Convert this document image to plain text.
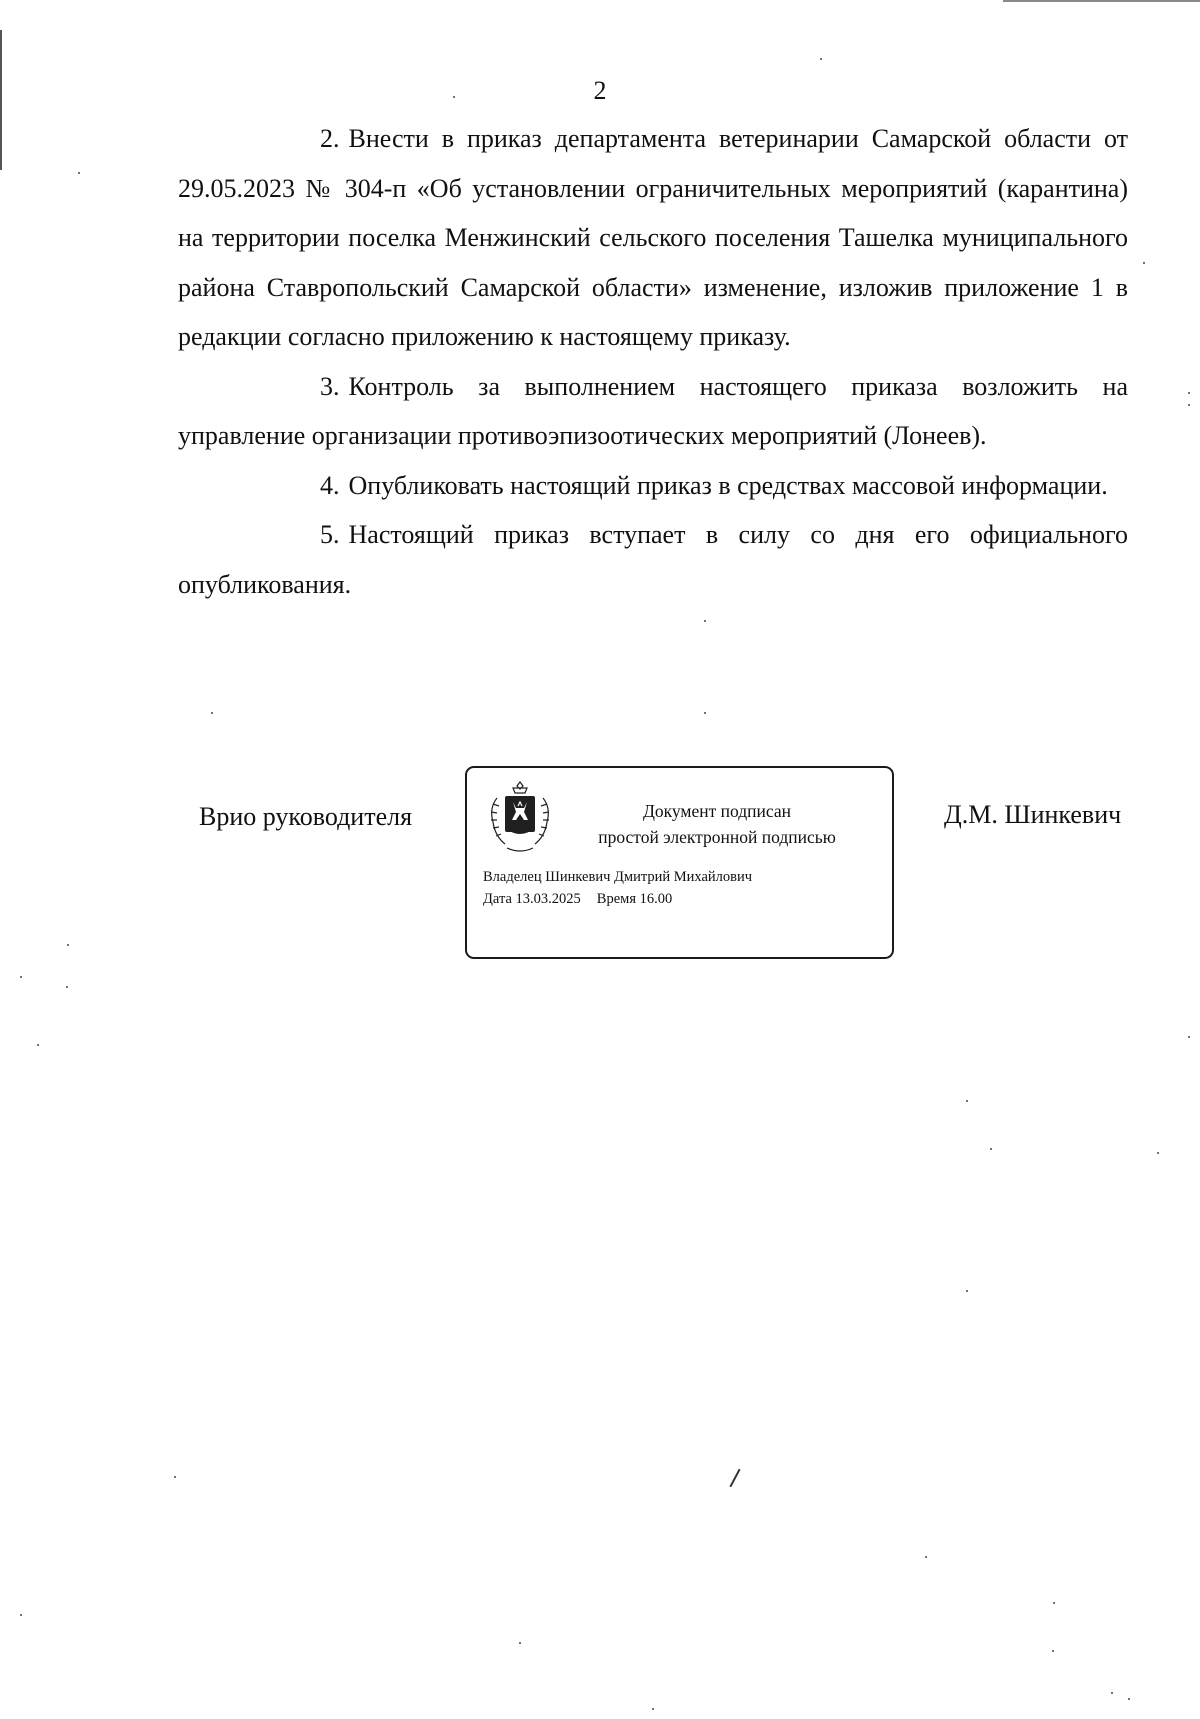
2

2. Внести в приказ департамента ветеринарии Самарской области от 29.05.2023 № 304-п «Об установлении ограничительных мероприятий (карантина) на территории поселка Менжинский сельского поселения Ташелка муниципального района Ставропольский Самарской области» изменение, изложив приложение 1 в редакции согласно приложению к настоящему приказу.

3. Контроль за выполнением настоящего приказа возложить на управление организации противоэпизоотических мероприятий (Лонеев).

4. Опубликовать настоящий приказ в средствах массовой информации.

5. Настоящий приказ вступает в силу со дня его официального опубликования.

Врио руководителя	Документ подписан
простой электронной подписью
Владелец Шинкевич Дмитрий Михайлович
Дата 13.03.2025 Время 16.00
Д.М. Шинкевич
